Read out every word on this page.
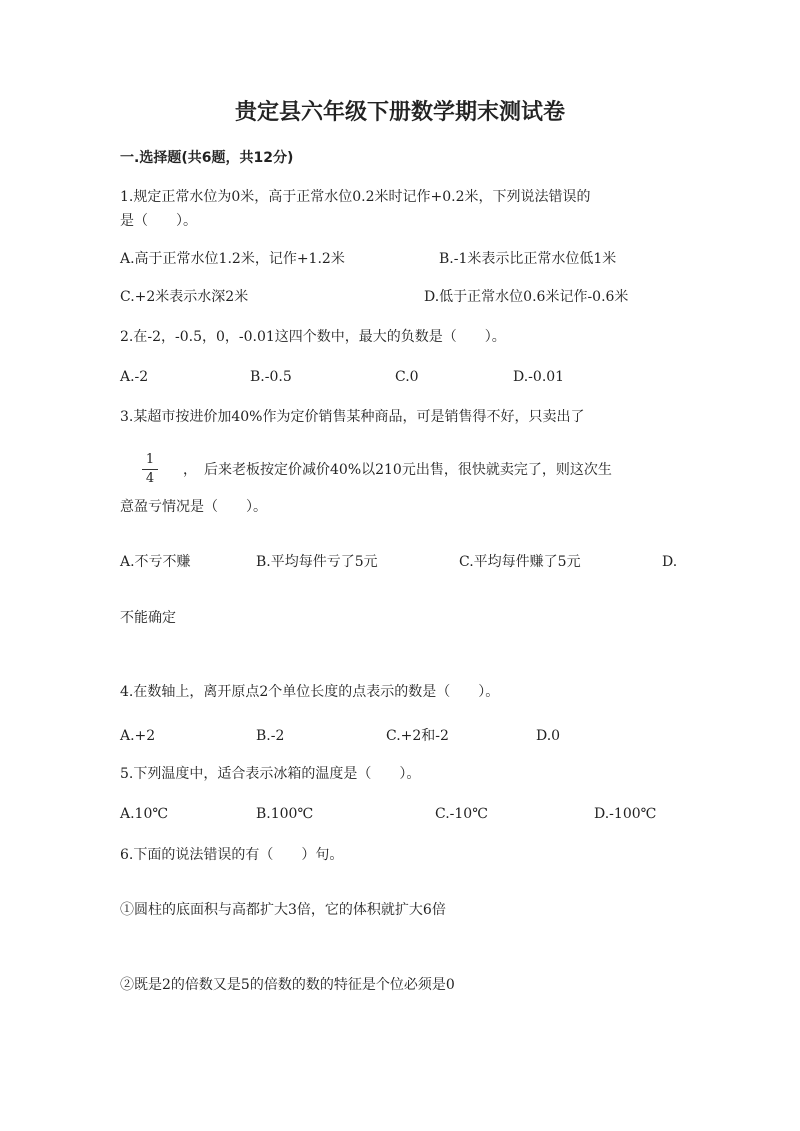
贵定县六年级下册数学期末测试卷
一.选择题(共6题，共12分)
1.规定正常水位为0米，高于正常水位0.2米时记作+0.2米，下列说法错误的
是（　　）。
A.高于正常水位1.2米，记作+1.2米	B.-1米表示比正常水位低1米
C.+2米表示水深2米	D.低于正常水位0.6米记作-0.6米
2.在-2，-0.5，0，-0.01这四个数中，最大的负数是（　　）。
A.-2	B.-0.5	C.0	D.-0.01
3.某超市按进价加40%作为定价销售某种商品，可是销售得不好，只卖出了
1
4
，　后来老板按定价减价40%以210元出售，很快就卖完了，则这次生
意盈亏情况是（　　）。
A.不亏不赚	B.平均每件亏了5元	C.平均每件赚了5元	D.
不能确定
4.在数轴上，离开原点2个单位长度的点表示的数是（　　）。
A.+2	B.-2	C.+2和-2	D.0
5.下列温度中，适合表示冰箱的温度是（　　）。
A.10℃	B.100℃	C.-10℃	D.-100℃
6.下面的说法错误的有（　　）句。
①圆柱的底面积与高都扩大3倍，它的体积就扩大6倍
②既是2的倍数又是5的倍数的数的特征是个位必须是0
